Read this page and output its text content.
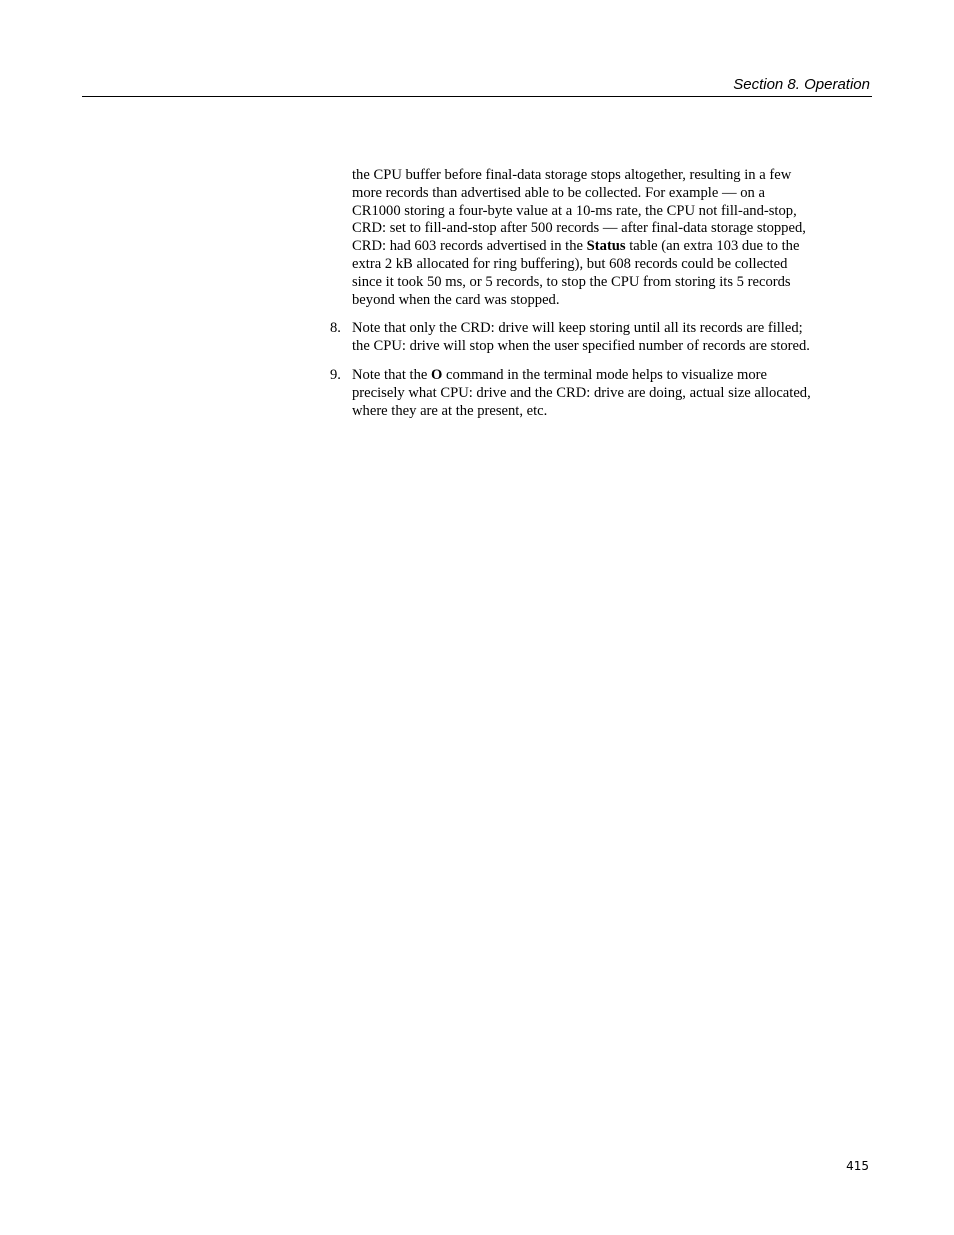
Section 8. Operation

the CPU buffer before final-data storage stops altogether, resulting in a few
more records than advertised able to be collected. For example — on a
CR1000 storing a four-byte value at a 10-ms rate, the CPU not fill-and-stop,
CRD: set to fill-and-stop after 500 records — after final-data storage stopped,
CRD: had 603 records advertised in the Status table (an extra 103 due to the
extra 2 kB allocated for ring buffering), but 608 records could be collected
since it took 50 ms, or 5 records, to stop the CPU from storing its 5 records
beyond when the card was stopped.

8. Note that only the CRD: drive will keep storing until all its records are filled;
the CPU: drive will stop when the user specified number of records are stored.
9. Note that the O command in the terminal mode helps to visualize more
precisely what CPU: drive and the CRD: drive are doing, actual size allocated,
where they are at the present, etc.
415
